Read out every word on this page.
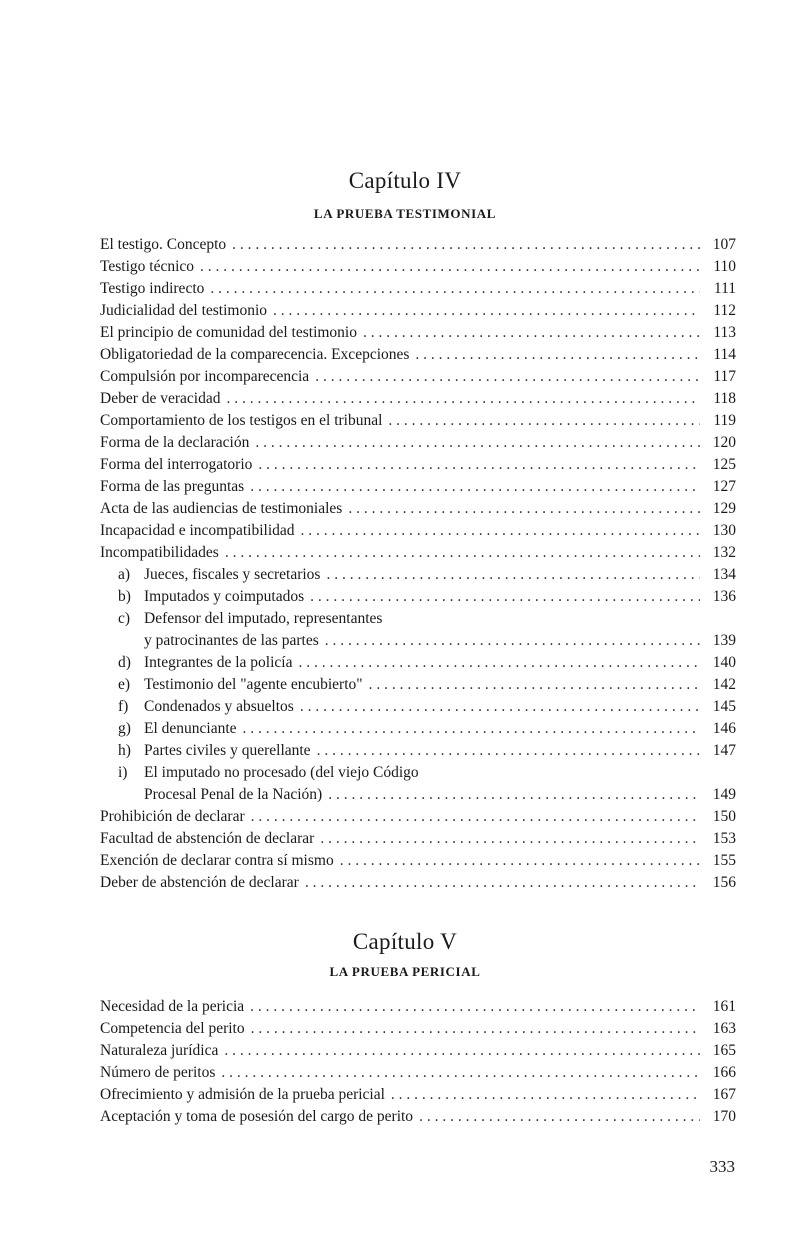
Capítulo IV
LA PRUEBA TESTIMONIAL
El testigo. Concepto . . .	107
Testigo técnico . . .	110
Testigo indirecto . . .	111
Judicialidad del testimonio . . .	112
El principio de comunidad del testimonio . . .	113
Obligatoriedad de la comparecencia. Excepciones . . .	114
Compulsión por incomparecencia . . .	117
Deber de veracidad . . .	118
Comportamiento de los testigos en el tribunal . . .	119
Forma de la declaración . . .	120
Forma del interrogatorio . . .	125
Forma de las preguntas . . .	127
Acta de las audiencias de testimoniales . . .	129
Incapacidad e incompatibilidad . . .	130
Incompatibilidades . . .	132
a) Jueces, fiscales y secretarios . . .	134
b) Imputados y coimputados . . .	136
c) Defensor del imputado, representantes
y patrocinantes de las partes . . .	139
d) Integrantes de la policía . . .	140
e) Testimonio del "agente encubierto" . . .	142
f)	Condenados y absueltos . . .	145
g) El denunciante . . .	146
h) Partes civiles y querellante . . .	147
i)	El imputado no procesado (del viejo Código
Procesal Penal de la Nación) . . .	149
Prohibición de declarar . . .	150
Facultad de abstención de declarar . . .	153
Exención de declarar contra sí mismo . . .	155
Deber de abstención de declarar . . .	156
Capítulo V
LA PRUEBA PERICIAL
Necesidad de la pericia . . .	161
Competencia del perito . . .	163
Naturaleza jurídica . . .	165
Número de peritos . . .	166
Ofrecimiento y admisión de la prueba pericial . . .	167
Aceptación y toma de posesión del cargo de perito . . .	170
333
